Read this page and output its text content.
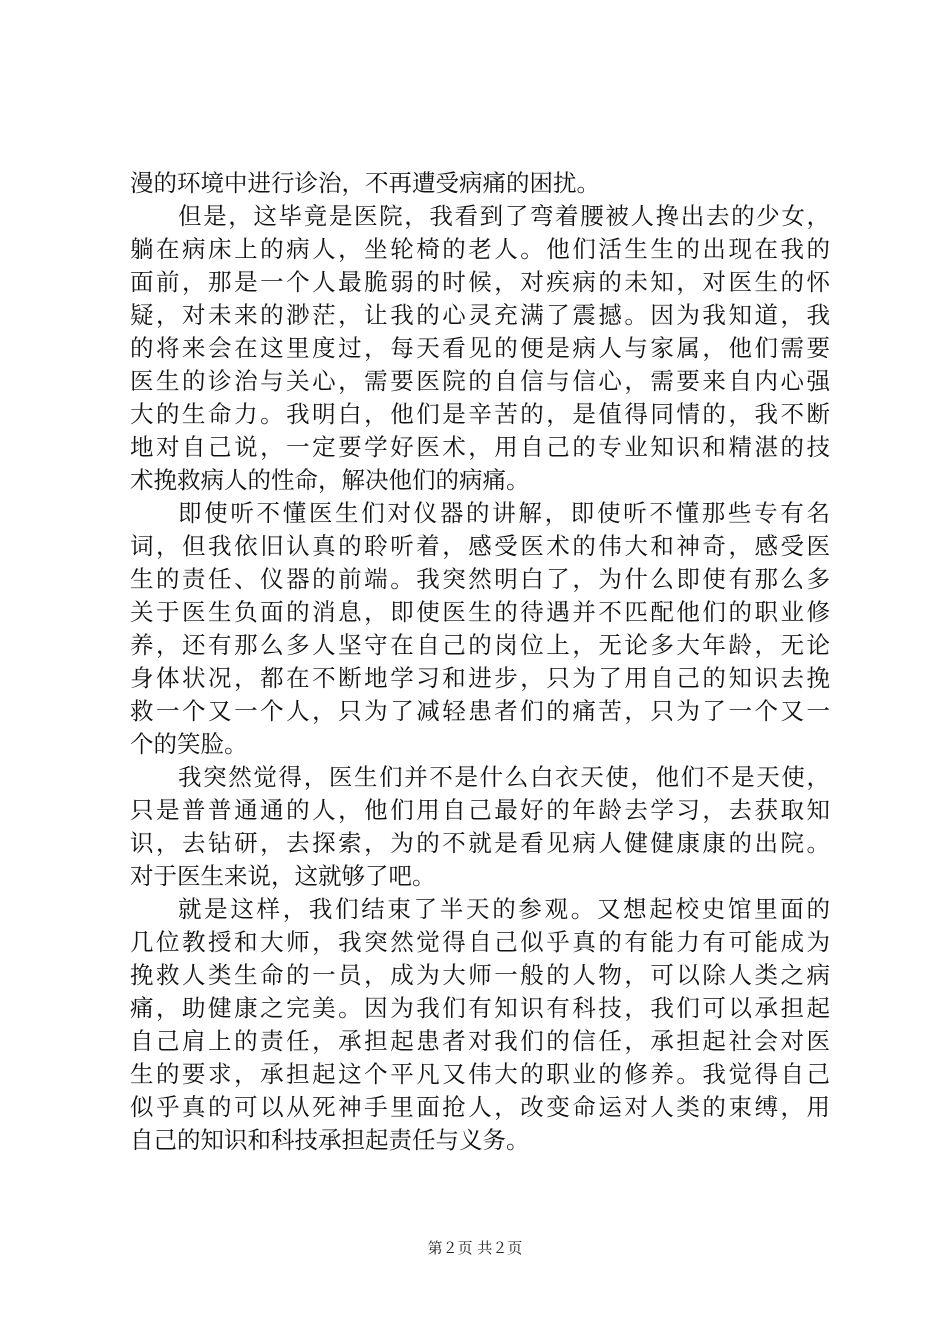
漫的环境中进行诊治，不再遭受病痛的困扰。
但是，这毕竟是医院，我看到了弯着腰被人搀出去的少女，
躺在病床上的病人，坐轮椅的老人。他们活生生的出现在我的
面前，那是一个人最脆弱的时候，对疾病的未知，对医生的怀
疑，对未来的渺茫，让我的心灵充满了震撼。因为我知道，我
的将来会在这里度过，每天看见的便是病人与家属，他们需要
医生的诊治与关心，需要医院的自信与信心，需要来自内心强
大的生命力。我明白，他们是辛苦的，是值得同情的，我不断
地对自己说，一定要学好医术，用自己的专业知识和精湛的技
术挽救病人的性命，解决他们的病痛。
即使听不懂医生们对仪器的讲解，即使听不懂那些专有名
词，但我依旧认真的聆听着，感受医术的伟大和神奇，感受医
生的责任、仪器的前端。我突然明白了，为什么即使有那么多
关于医生负面的消息，即使医生的待遇并不匹配他们的职业修
养，还有那么多人坚守在自己的岗位上，无论多大年龄，无论
身体状况，都在不断地学习和进步，只为了用自己的知识去挽
救一个又一个人，只为了减轻患者们的痛苦，只为了一个又一
个的笑脸。
我突然觉得，医生们并不是什么白衣天使，他们不是天使，
只是普普通通的人，他们用自己最好的年龄去学习，去获取知
识，去钻研，去探索，为的不就是看见病人健健康康的出院。
对于医生来说，这就够了吧。
就是这样，我们结束了半天的参观。又想起校史馆里面的
几位教授和大师，我突然觉得自己似乎真的有能力有可能成为
挽救人类生命的一员，成为大师一般的人物，可以除人类之病
痛，助健康之完美。因为我们有知识有科技，我们可以承担起
自己肩上的责任，承担起患者对我们的信任，承担起社会对医
生的要求，承担起这个平凡又伟大的职业的修养。我觉得自己
似乎真的可以从死神手里面抢人，改变命运对人类的束缚，用
自己的知识和科技承担起责任与义务。
第２页 共２页
